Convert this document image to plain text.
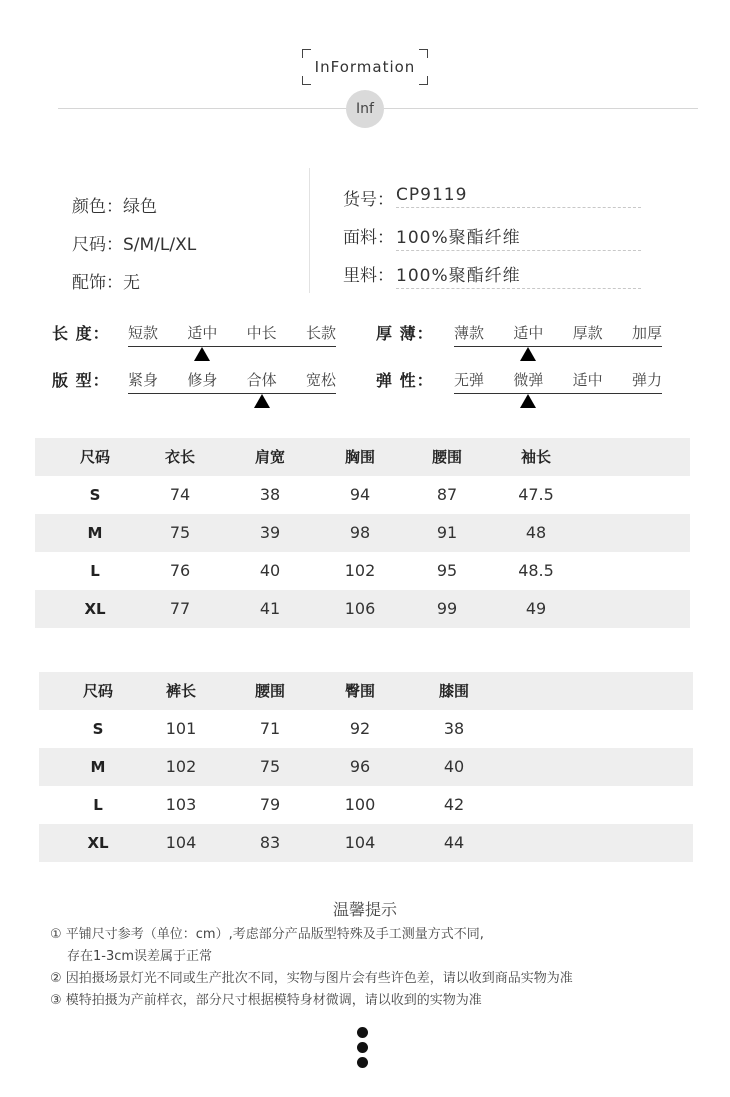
InFormation
Inf
颜色：绿色
尺码：S/M/L/XL
配饰：无
货号： CP9119
面料： 100%聚酯纤维
里料： 100%聚酯纤维
长 度： 短款 适中 中长 长款	厚 薄： 薄款 适中 厚款 加厚
版 型： 紧身 修身 合体 宽松	弹 性： 无弹 微弹 适中 弹力
尺码	衣长	肩宽	胸围	腰围	袖长
S	74	38	94	87	47.5
M	75	39	98	91	48
L	76	40	102	95	48.5
XL	77	41	106	99	49
尺码	裤长	腰围	臀围	膝围
S	101	71	92	38
M	102	75	96	40
L	103	79	100	42
XL	104	83	104	44
温馨提示
① 平铺尺寸参考（单位：cm）,考虑部分产品版型特殊及手工测量方式不同,
存在1-3cm误差属于正常
② 因拍摄场景灯光不同或生产批次不同，实物与图片会有些许色差，请以收到商品实物为准
③ 模特拍摄为产前样衣，部分尺寸根据模特身材微调，请以收到的实物为准
